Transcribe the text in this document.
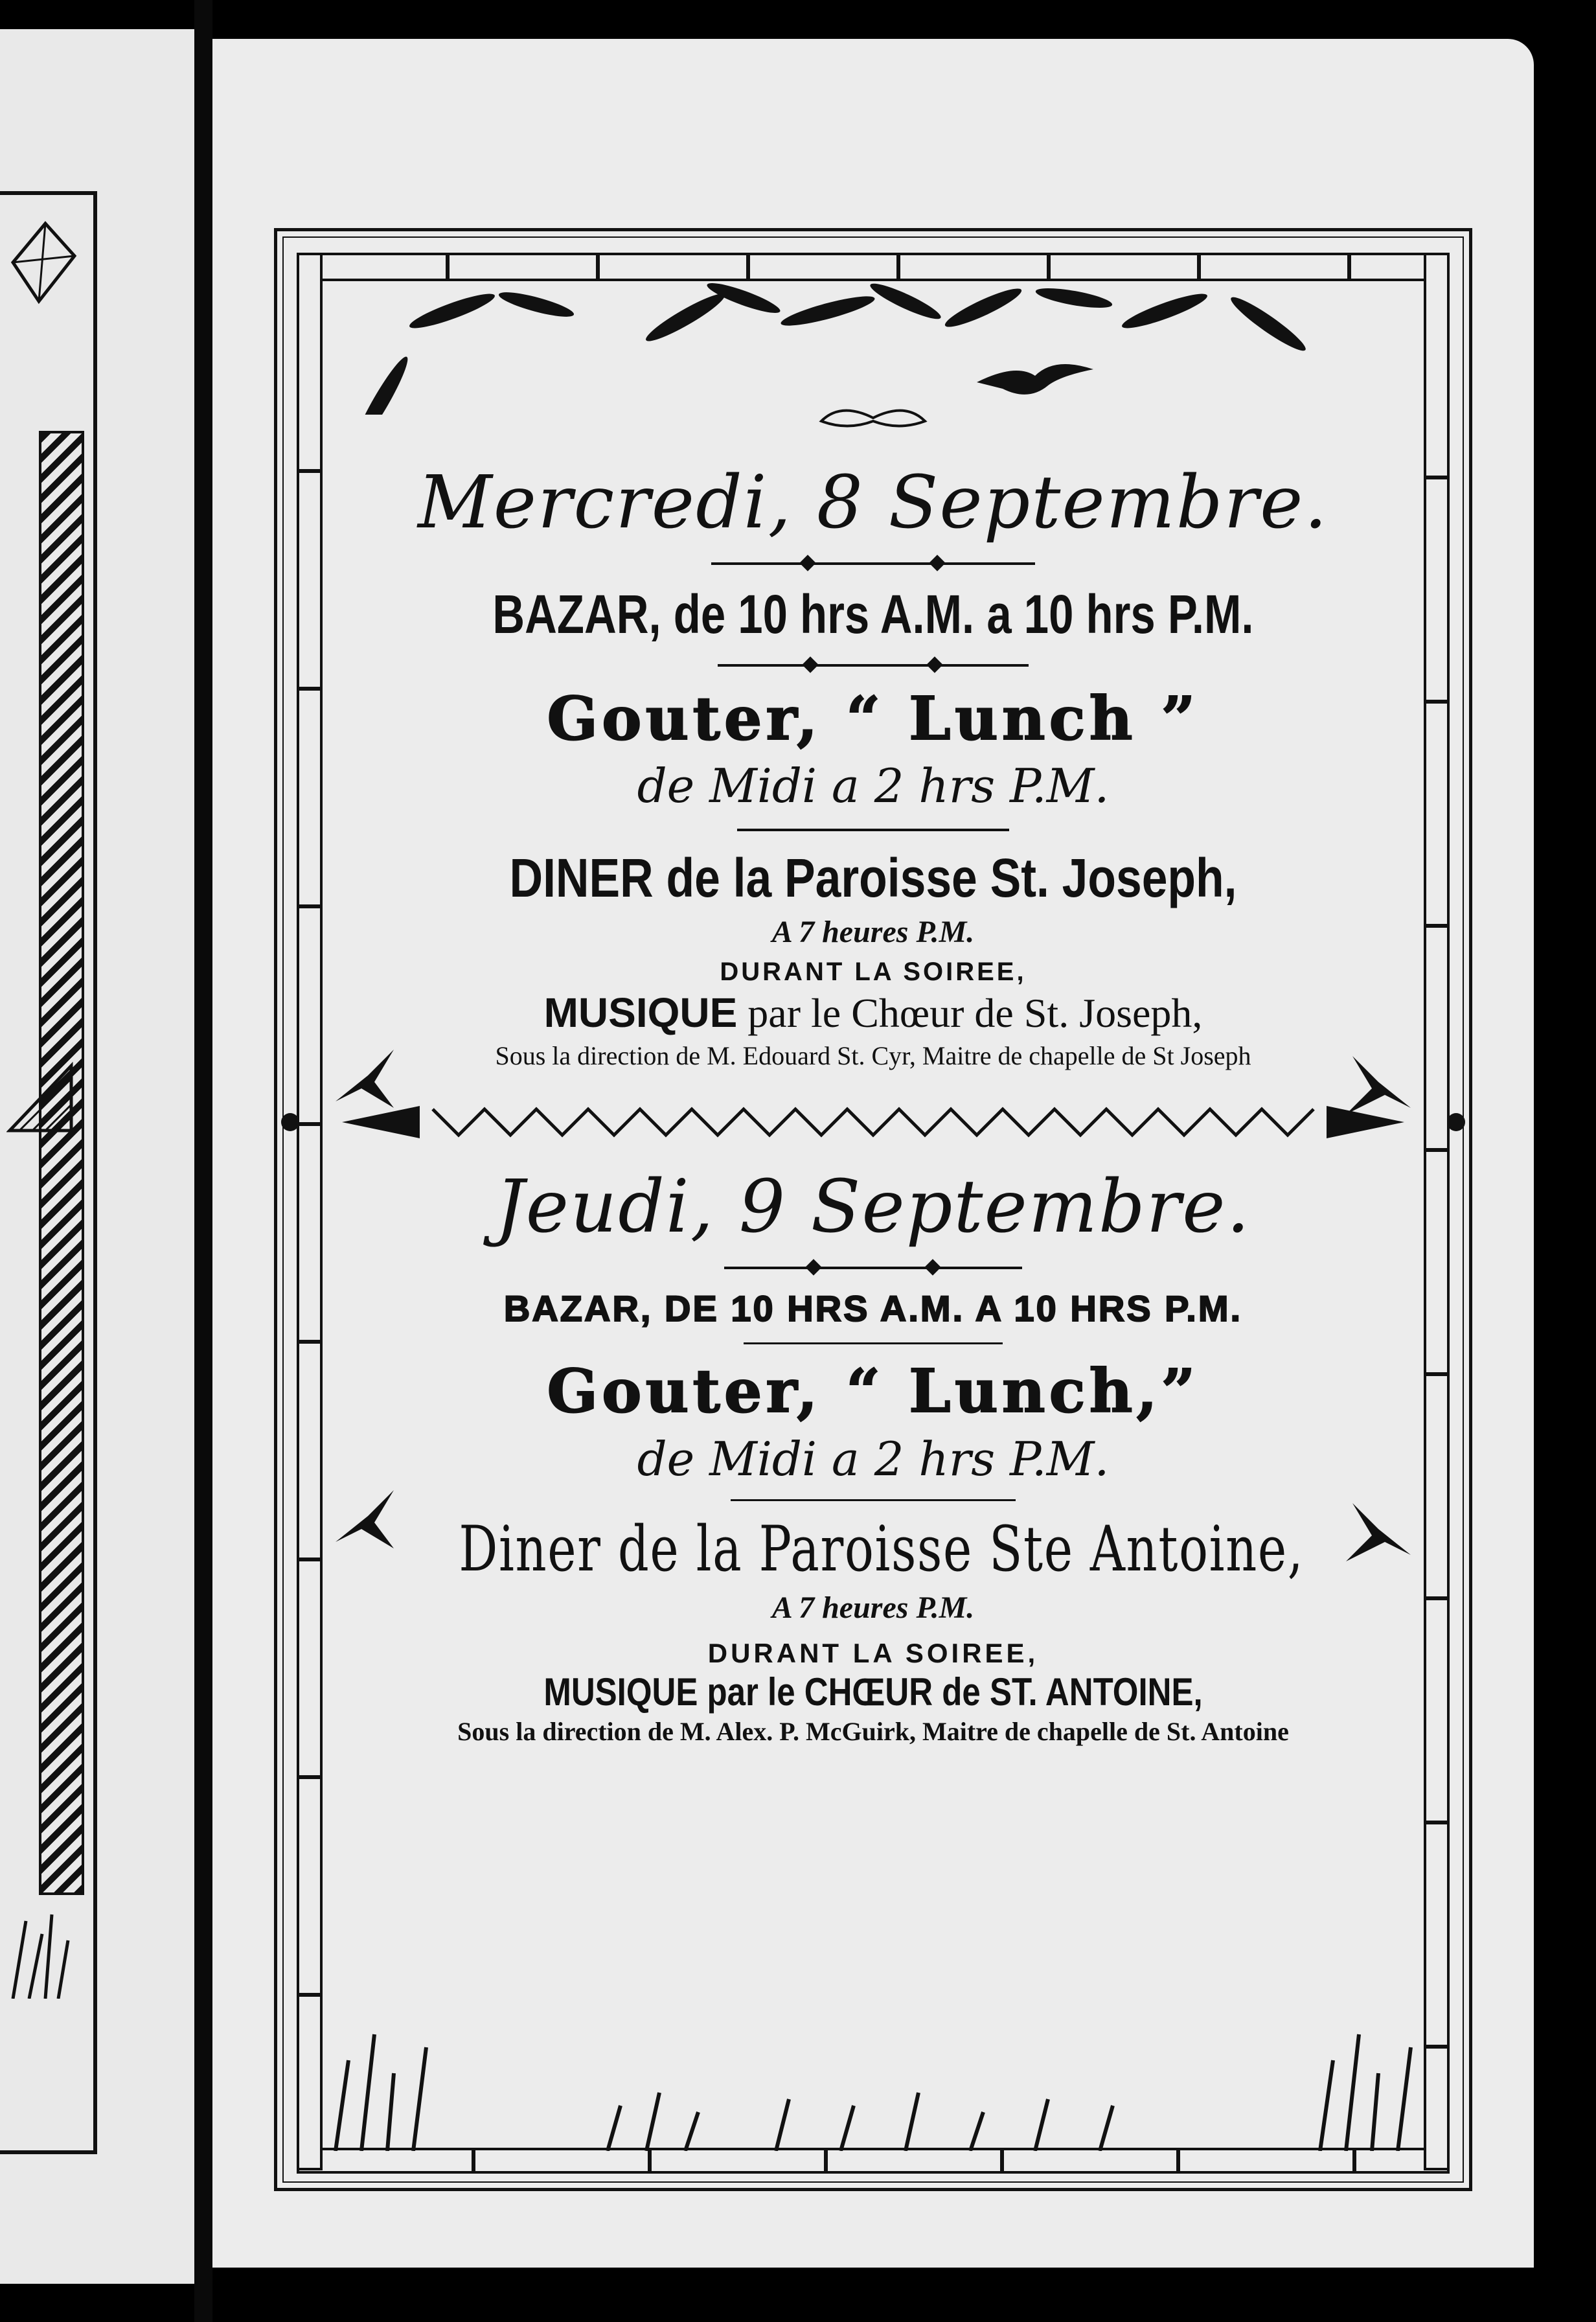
Mercredi, 8 Septembre.
BAZAR, de 10 hrs A.M. a 10 hrs P.M.
Gouter, “ Lunch ”
de Midi a 2 hrs P.M.
DINER de la Paroisse St. Joseph,
A 7 heures P.M.
DURANT LA SOIREE,
MUSIQUE par le Chœur de St. Joseph,
Sous la direction de M. Edouard St. Cyr, Maitre de chapelle de St Joseph
Jeudi, 9 Septembre.
BAZAR, DE 10 HRS A.M. A 10 HRS P.M.
Gouter, “ Lunch,”
de Midi a 2 hrs P.M.
Diner de la Paroisse Ste Antoine,
A 7 heures P.M.
DURANT LA SOIREE,
MUSIQUE par le CHŒUR de ST. ANTOINE,
Sous la direction de M. Alex. P. McGuirk, Maitre de chapelle de St. Antoine
